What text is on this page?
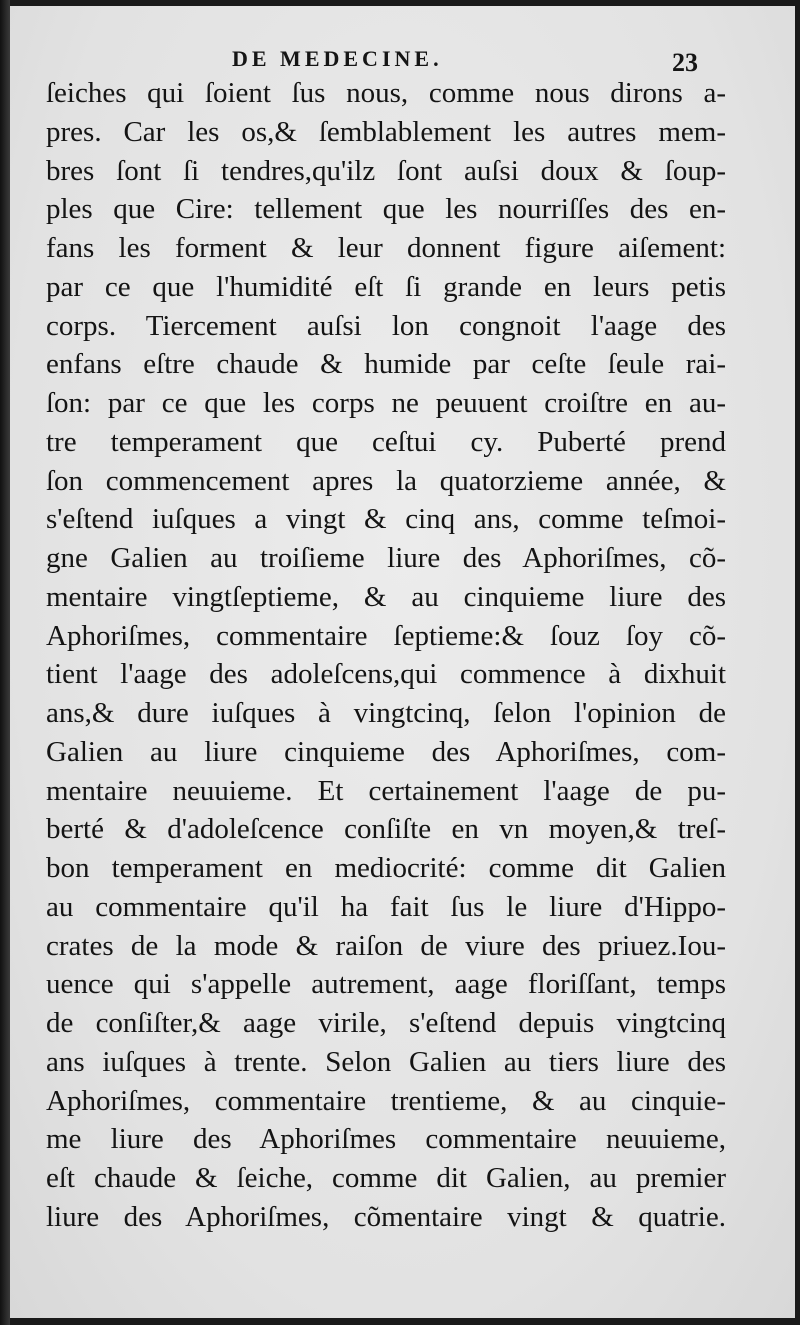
DE MEDECINE.	23
ſeiches qui ſoient ſus nous, comme nous dirons a-
pres. Car les os,& ſemblablement les autres mem-
bres ſont ſi tendres,qu'ilz ſont auſsi doux & ſoup-
ples que Cire: tellement que les nourriſſes des en-
fans les forment & leur donnent figure aiſement:
par ce que l'humidité eſt ſi grande en leurs petis
corps. Tiercement auſsi lon congnoit l'aage des
enfans eſtre chaude & humide par ceſte ſeule rai-
ſon: par ce que les corps ne peuuent croiſtre en au-
tre temperament que ceſtui cy. Puberté prend
ſon commencement apres la quatorzieme année, &
s'eſtend iuſques a vingt & cinq ans, comme teſmoi-
gne Galien au troiſieme liure des Aphoriſmes, cõ-
mentaire vingtſeptieme, & au cinquieme liure des
Aphoriſmes, commentaire ſeptieme:& ſouz ſoy cõ-
tient l'aage des adoleſcens,qui commence à dixhuit
ans,& dure iuſques à vingtcinq, ſelon l'opinion de
Galien au liure cinquieme des Aphoriſmes, com-
mentaire neuuieme. Et certainement l'aage de pu-
berté & d'adoleſcence conſiſte en vn moyen,& treſ-
bon temperament en mediocrité: comme dit Galien
au commentaire qu'il ha fait ſus le liure d'Hippo-
crates de la mode & raiſon de viure des priuez.Iou-
uence qui s'appelle autrement, aage floriſſant, temps
de conſiſter,& aage virile, s'eſtend depuis vingtcinq
ans iuſques à trente. Selon Galien au tiers liure des
Aphoriſmes, commentaire trentieme, & au cinquie-
me liure des Aphoriſmes commentaire neuuieme,
eſt chaude & ſeiche, comme dit Galien, au premier
liure des Aphoriſmes, cõmentaire vingt & quatrie.
